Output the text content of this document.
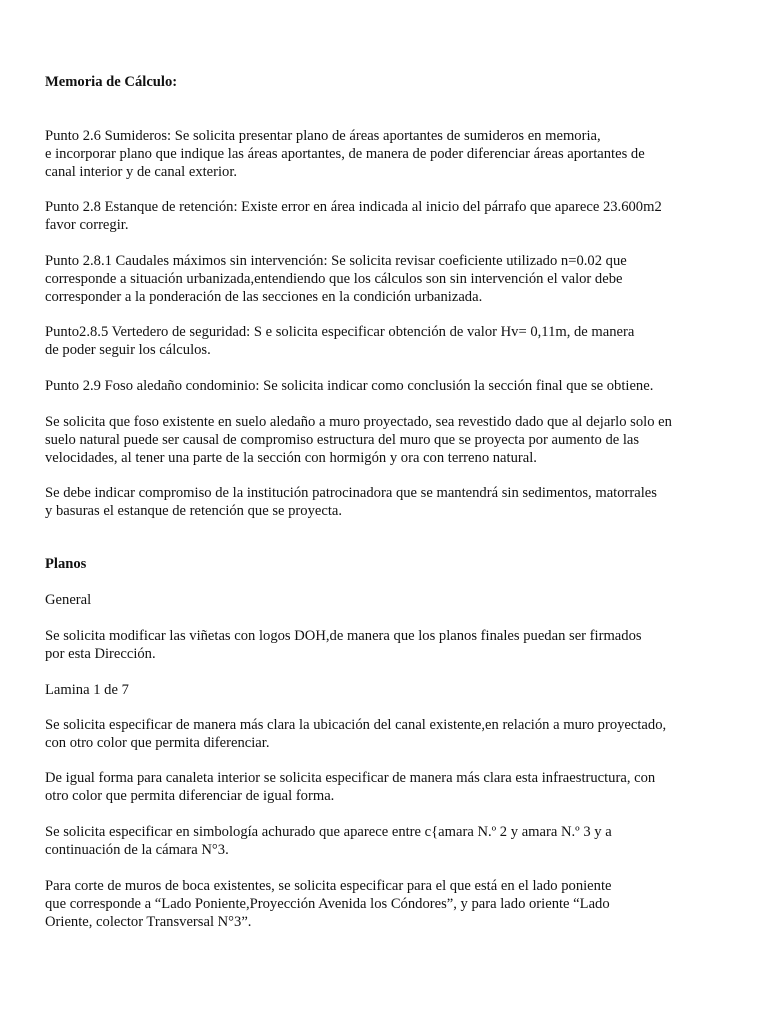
Memoria de Cálculo:
Punto 2.6 Sumideros: Se solicita presentar plano de áreas aportantes de sumideros en memoria,
e incorporar plano que indique las áreas aportantes, de manera de poder diferenciar áreas aportantes de
canal interior y de canal exterior.
Punto 2.8 Estanque de retención: Existe error en área indicada al inicio del párrafo que aparece 23.600m2
favor corregir.
Punto 2.8.1 Caudales máximos sin intervención: Se solicita revisar coeficiente utilizado n=0.02 que
corresponde a situación urbanizada,entendiendo que los cálculos son sin intervención el valor debe
corresponder a la ponderación de las secciones en la condición urbanizada.
Punto2.8.5 Vertedero de seguridad: S e solicita especificar obtención de valor Hv= 0,11m, de manera
de poder seguir los cálculos.
Punto 2.9 Foso aledaño condominio: Se solicita indicar como conclusión la sección final que se obtiene.
Se solicita que foso existente en suelo aledaño a muro proyectado, sea revestido dado que al dejarlo solo en
suelo natural puede ser causal de compromiso estructura del muro que se proyecta por aumento de las
velocidades, al tener una parte de la sección con hormigón y ora con terreno natural.
Se debe indicar compromiso de la institución patrocinadora que se mantendrá sin sedimentos, matorrales
y basuras el estanque de retención que se proyecta.
Planos
General
Se solicita modificar las viñetas con logos DOH,de manera que los planos finales puedan ser firmados
por esta Dirección.
Lamina 1 de 7
Se solicita especificar de manera más clara la ubicación del canal existente,en relación a muro proyectado,
con otro color que permita diferenciar.
De igual forma para canaleta interior se solicita especificar de manera más clara esta infraestructura, con
otro color que permita diferenciar de igual forma.
Se solicita especificar en simbología achurado que aparece entre c{amara N.º 2 y amara N.º 3 y a
continuación de la cámara N°3.
Para corte de muros de boca existentes, se solicita especificar para el que está en el lado poniente
que corresponde a “Lado Poniente,Proyección Avenida los Cóndores”, y para lado oriente “Lado
Oriente, colector Transversal N°3”.
